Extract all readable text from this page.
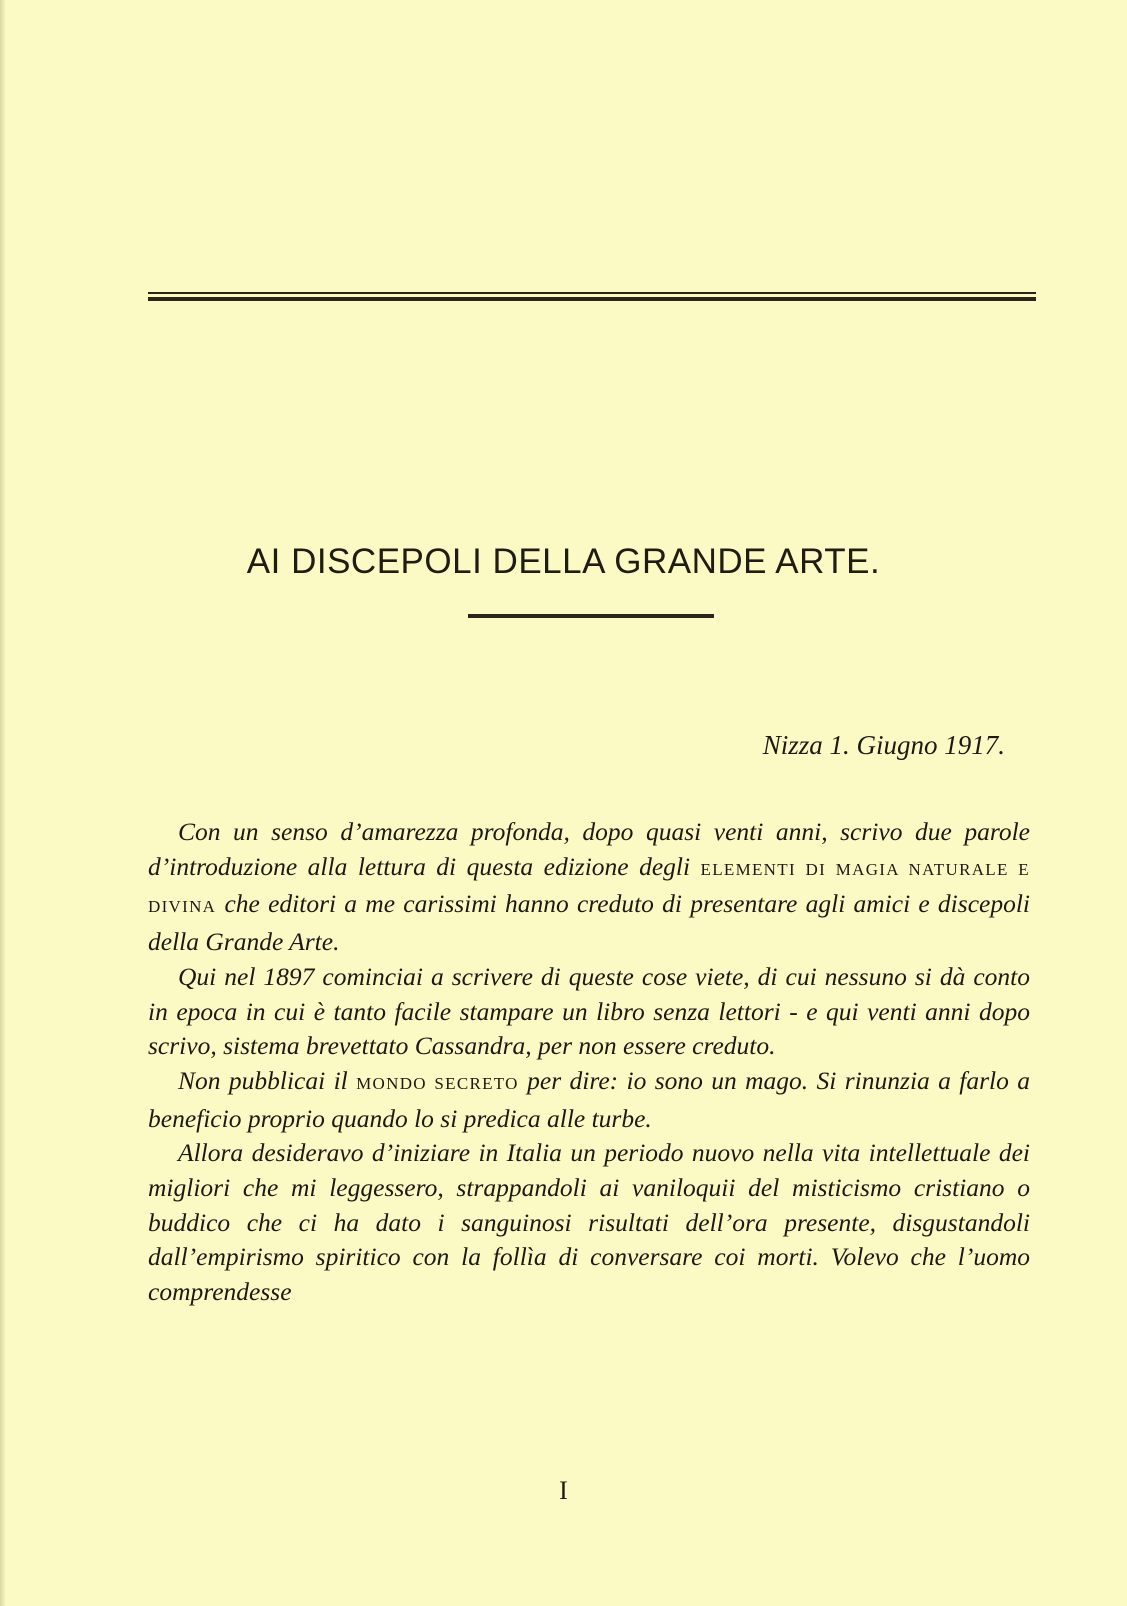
AI DISCEPOLI DELLA GRANDE ARTE.
Nizza 1. Giugno 1917.

Con un senso d’amarezza profonda, dopo quasi venti anni, scrivo due parole d’introduzione alla lettura di questa edizione degli ELEMENTI DI MAGIA NATURALE E DIVINA che editori a me carissimi hanno creduto di presentare agli amici e discepoli della Grande Arte.

Qui nel 1897 cominciai a scrivere di queste cose viete, di cui nessuno si dà conto in epoca in cui è tanto facile stampare un libro senza lettori - e qui venti anni dopo scrivo, sistema brevettato Cassandra, per non essere creduto.

Non pubblicai il MONDO SECRETO per dire: io sono un mago. Si rinunzia a farlo a beneficio proprio quando lo si predica alle turbe.

Allora desideravo d’iniziare in Italia un periodo nuovo nella vita intellettuale dei migliori che mi leggessero, strappandoli ai vaniloquii del misticismo cristiano o buddico che ci ha dato i sanguinosi risultati dell’ora presente, disgustandoli dall’empirismo spiritico con la follìa di conversare coi morti. Volevo che l’uomo comprendesse

I
